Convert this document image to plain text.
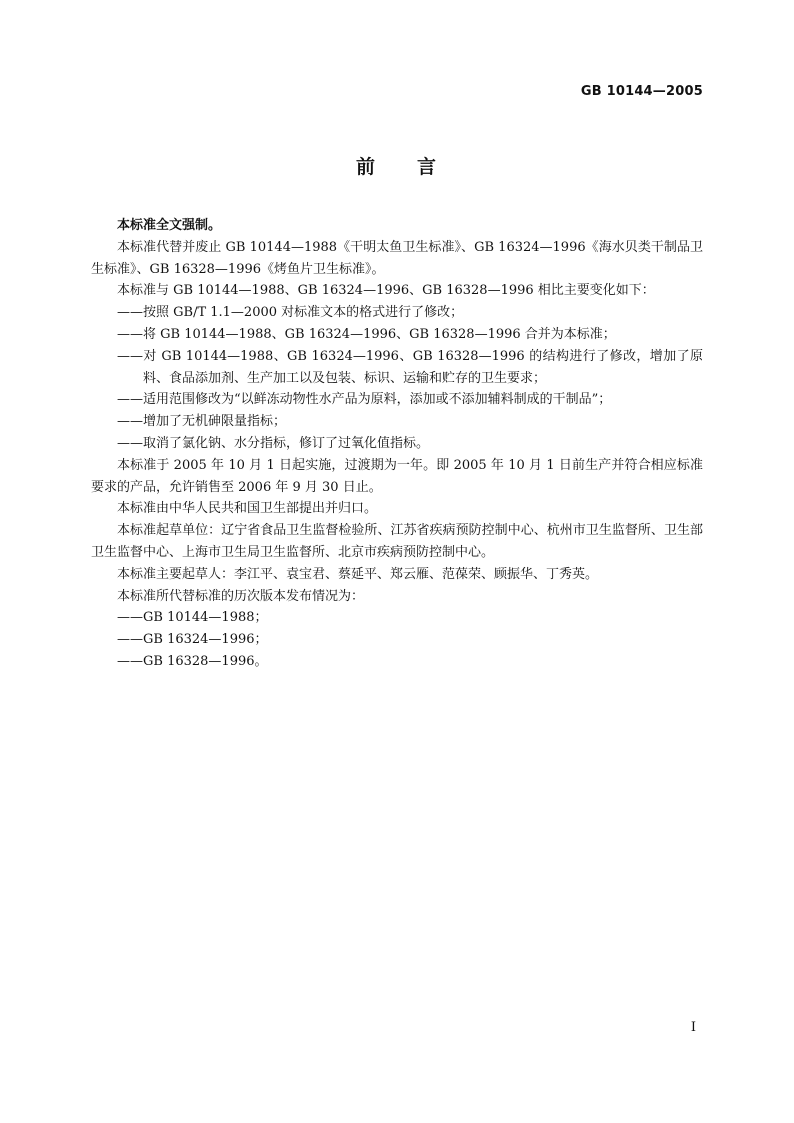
GB 10144—2005

前 言

本标准全文强制。

本标准代替并废止 GB 10144—1988《干明太鱼卫生标准》、GB 16324—1996《海水贝类干制品卫生标准》、GB 16328—1996《烤鱼片卫生标准》。

本标准与 GB 10144—1988、GB 16324—1996、GB 16328—1996 相比主要变化如下：

——按照 GB/T 1.1—2000 对标准文本的格式进行了修改；

——将 GB 10144—1988、GB 16324—1996、GB 16328—1996 合并为本标准；

——对 GB 10144—1988、GB 16324—1996、GB 16328—1996 的结构进行了修改，增加了原料、食品添加剂、生产加工以及包装、标识、运输和贮存的卫生要求；

——适用范围修改为“以鲜冻动物性水产品为原料，添加或不添加辅料制成的干制品”；

——增加了无机砷限量指标；

——取消了氯化钠、水分指标，修订了过氧化值指标。

本标准于 2005 年 10 月 1 日起实施，过渡期为一年。即 2005 年 10 月 1 日前生产并符合相应标准要求的产品，允许销售至 2006 年 9 月 30 日止。

本标准由中华人民共和国卫生部提出并归口。

本标准起草单位：辽宁省食品卫生监督检验所、江苏省疾病预防控制中心、杭州市卫生监督所、卫生部卫生监督中心、上海市卫生局卫生监督所、北京市疾病预防控制中心。

本标准主要起草人：李江平、袁宝君、蔡延平、郑云雁、范葆荣、顾振华、丁秀英。

本标准所代替标准的历次版本发布情况为：

——GB 10144—1988；

——GB 16324—1996；

——GB 16328—1996。

I
